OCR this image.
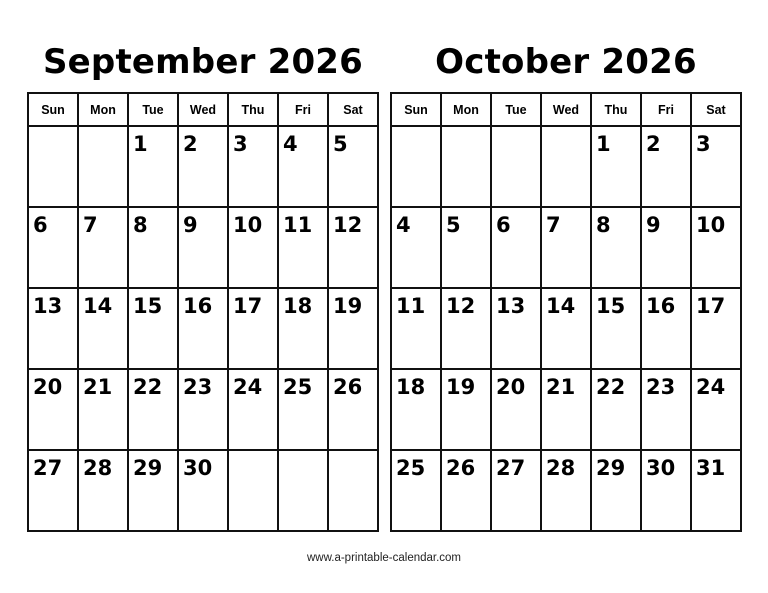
September 2026
Sun	Mon	Tue	Wed	Thu	Fri	Sat

		1	2	3	4	5

6	7	8	9	10	11	12

13	14	15	16	17	18	19

20	21	22	23	24	25	26

27	28	29	30			

October 2026
Sun	Mon	Tue	Wed	Thu	Fri	Sat

				1	2	3

4	5	6	7	8	9	10

11	12	13	14	15	16	17

18	19	20	21	22	23	24

25	26	27	28	29	30	31
www.a-printable-calendar.com
